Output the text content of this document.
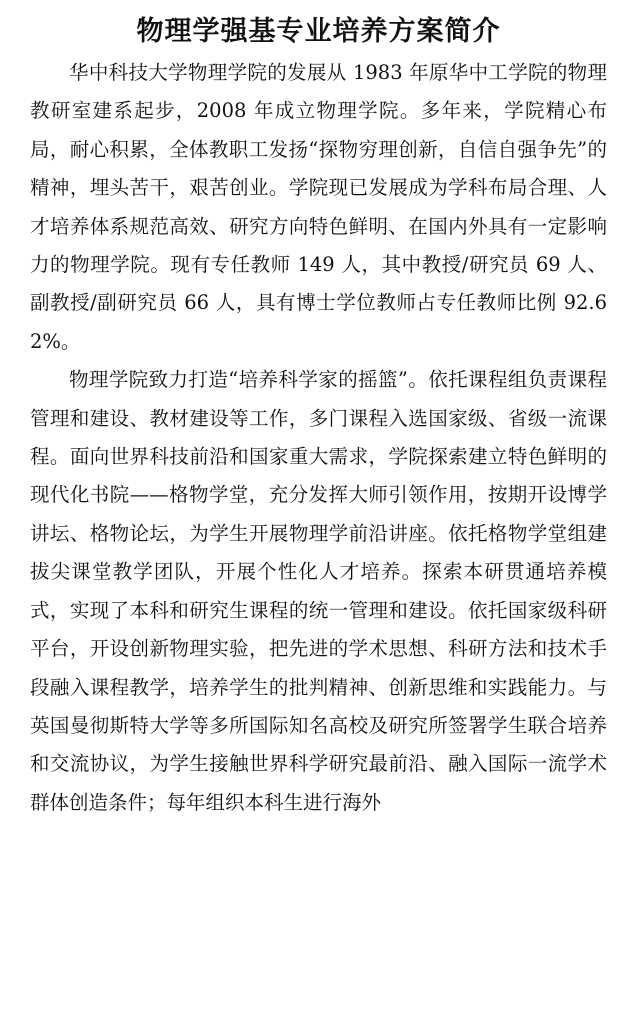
物理学强基专业培养方案简介

华中科技大学物理学院的发展从 1983 年原华中工学院的物理教研室建系起步，2008 年成立物理学院。多年来，学院精心布局，耐心积累，全体教职工发扬“探物穷理创新，自信自强争先”的精神，埋头苦干，艰苦创业。学院现已发展成为学科布局合理、人才培养体系规范高效、研究方向特色鲜明、在国内外具有一定影响力的物理学院。现有专任教师 149 人，其中教授/研究员 69 人、副教授/副研究员 66 人，具有博士学位教师占专任教师比例 92.62%。

物理学院致力打造“培养科学家的摇篮”。依托课程组负责课程管理和建设、教材建设等工作，多门课程入选国家级、省级一流课程。面向世界科技前沿和国家重大需求，学院探索建立特色鲜明的现代化书院——格物学堂，充分发挥大师引领作用，按期开设博学讲坛、格物论坛，为学生开展物理学前沿讲座。依托格物学堂组建拔尖课堂教学团队，开展个性化人才培养。探索本研贯通培养模式，实现了本科和研究生课程的统一管理和建设。依托国家级科研平台，开设创新物理实验，把先进的学术思想、科研方法和技术手段融入课程教学，培养学生的批判精神、创新思维和实践能力。与英国曼彻斯特大学等多所国际知名高校及研究所签署学生联合培养和交流协议，为学生接触世界科学研究最前沿、融入国际一流学术群体创造条件；每年组织本科生进行海外
